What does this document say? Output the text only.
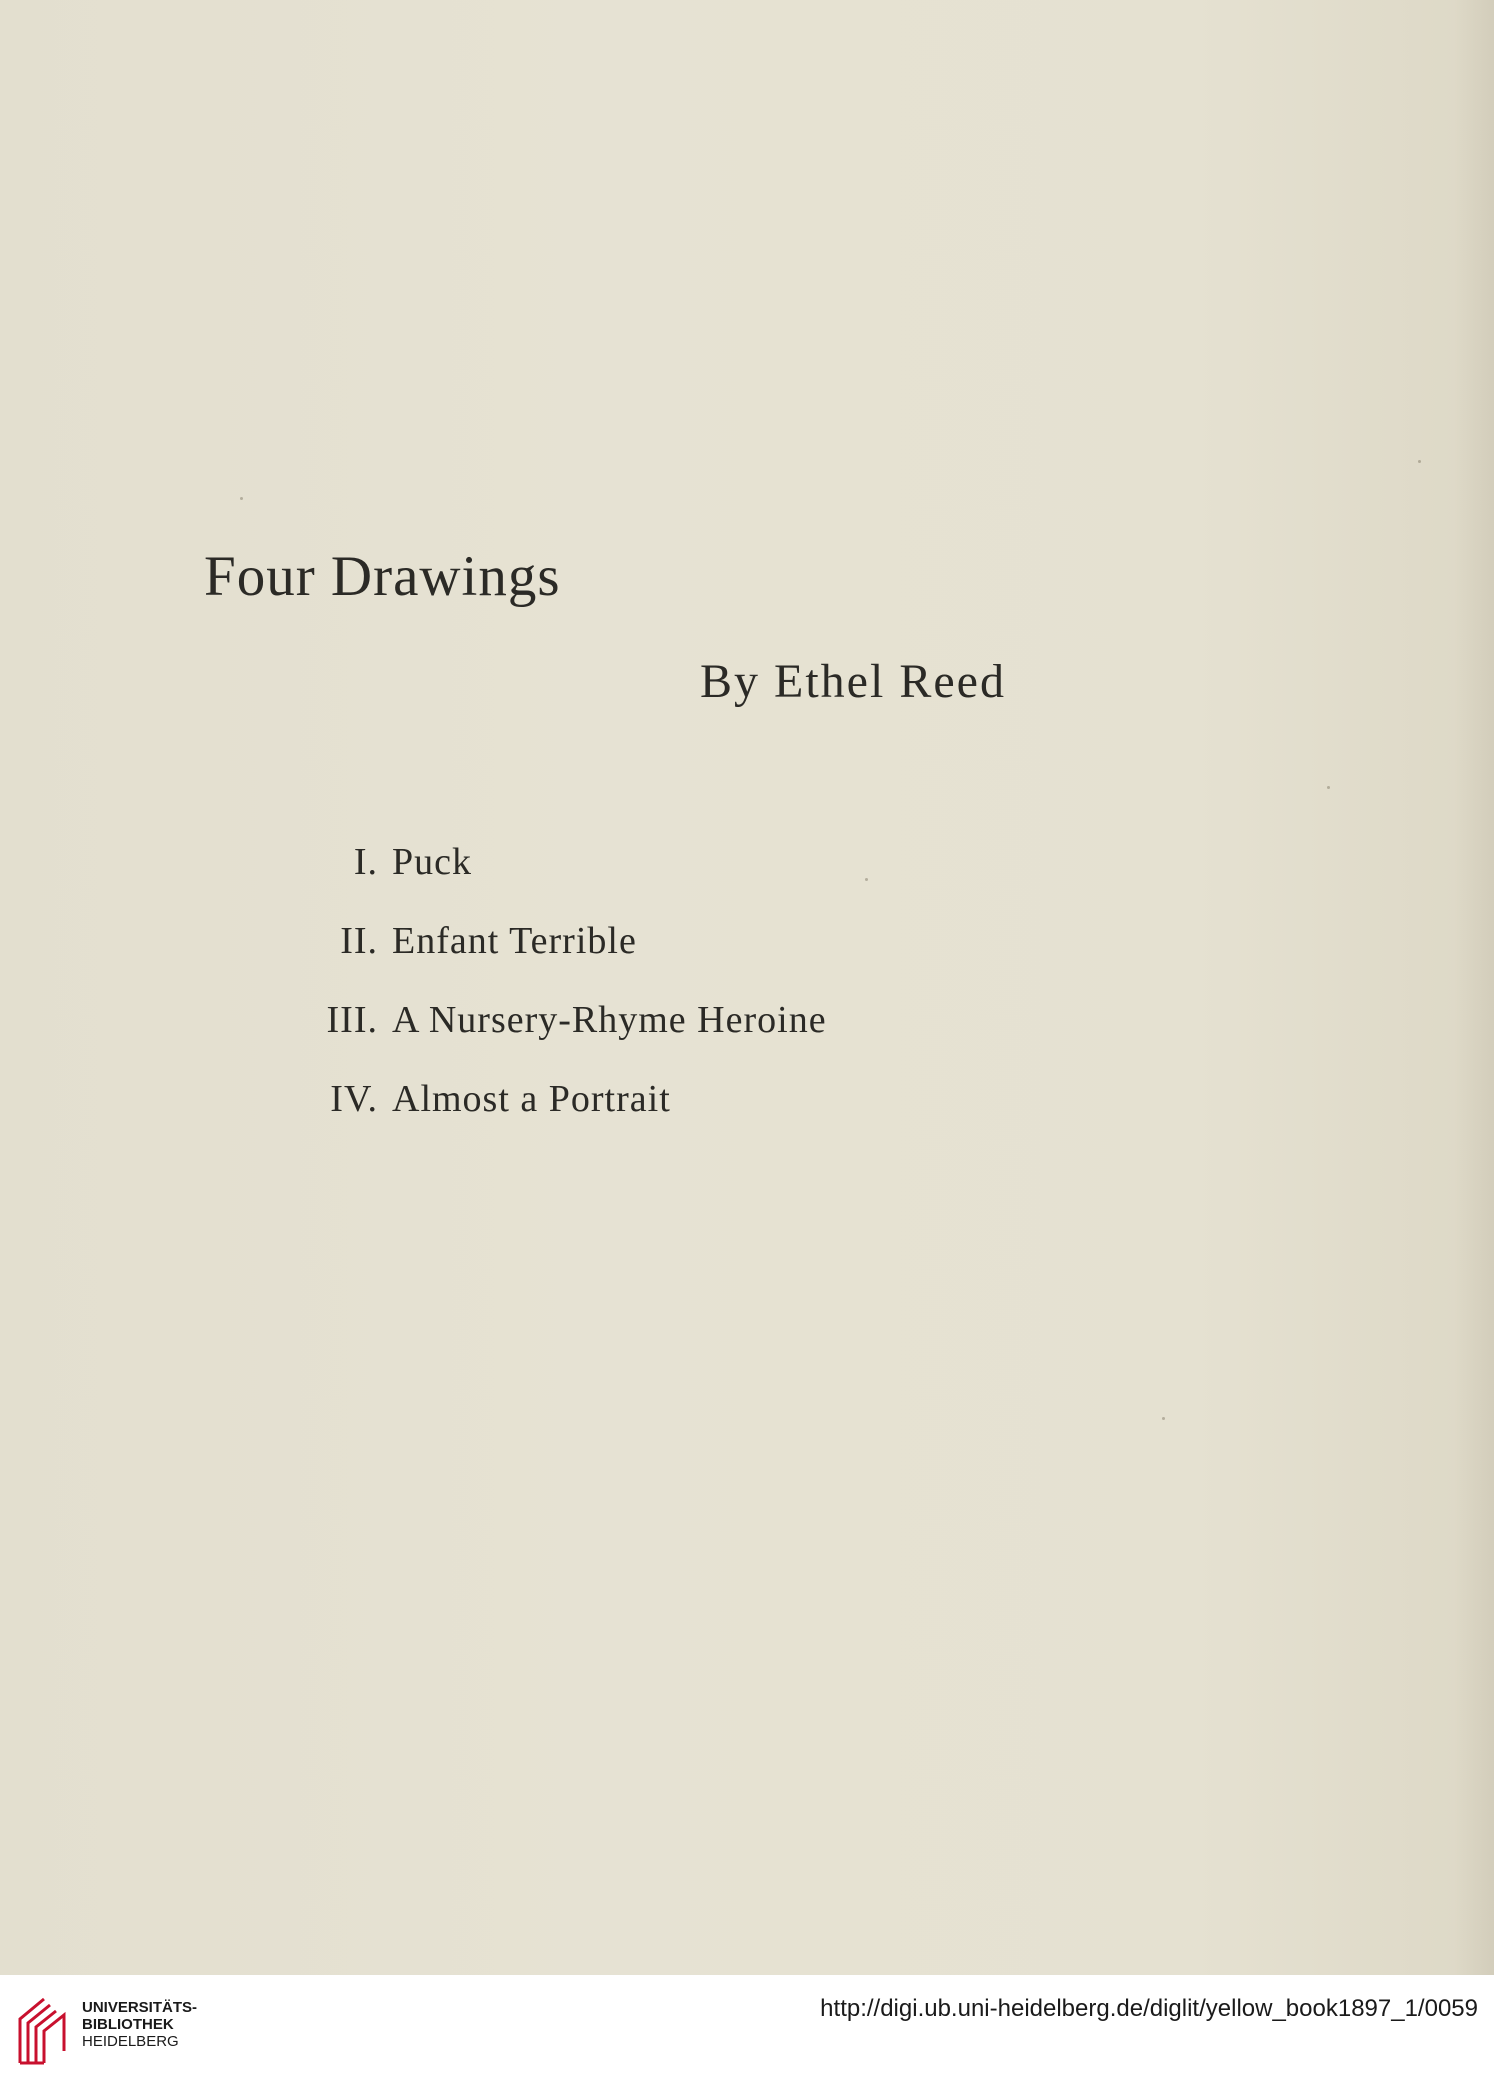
Four Drawings
By Ethel Reed
I. Puck
II. Enfant Terrible
III. A Nursery-Rhyme Heroine
IV. Almost a Portrait
UNIVERSITÄTS-
BIBLIOTHEK
HEIDELBERG
http://digi.ub.uni-heidelberg.de/diglit/yellow_book1897_1/0059
